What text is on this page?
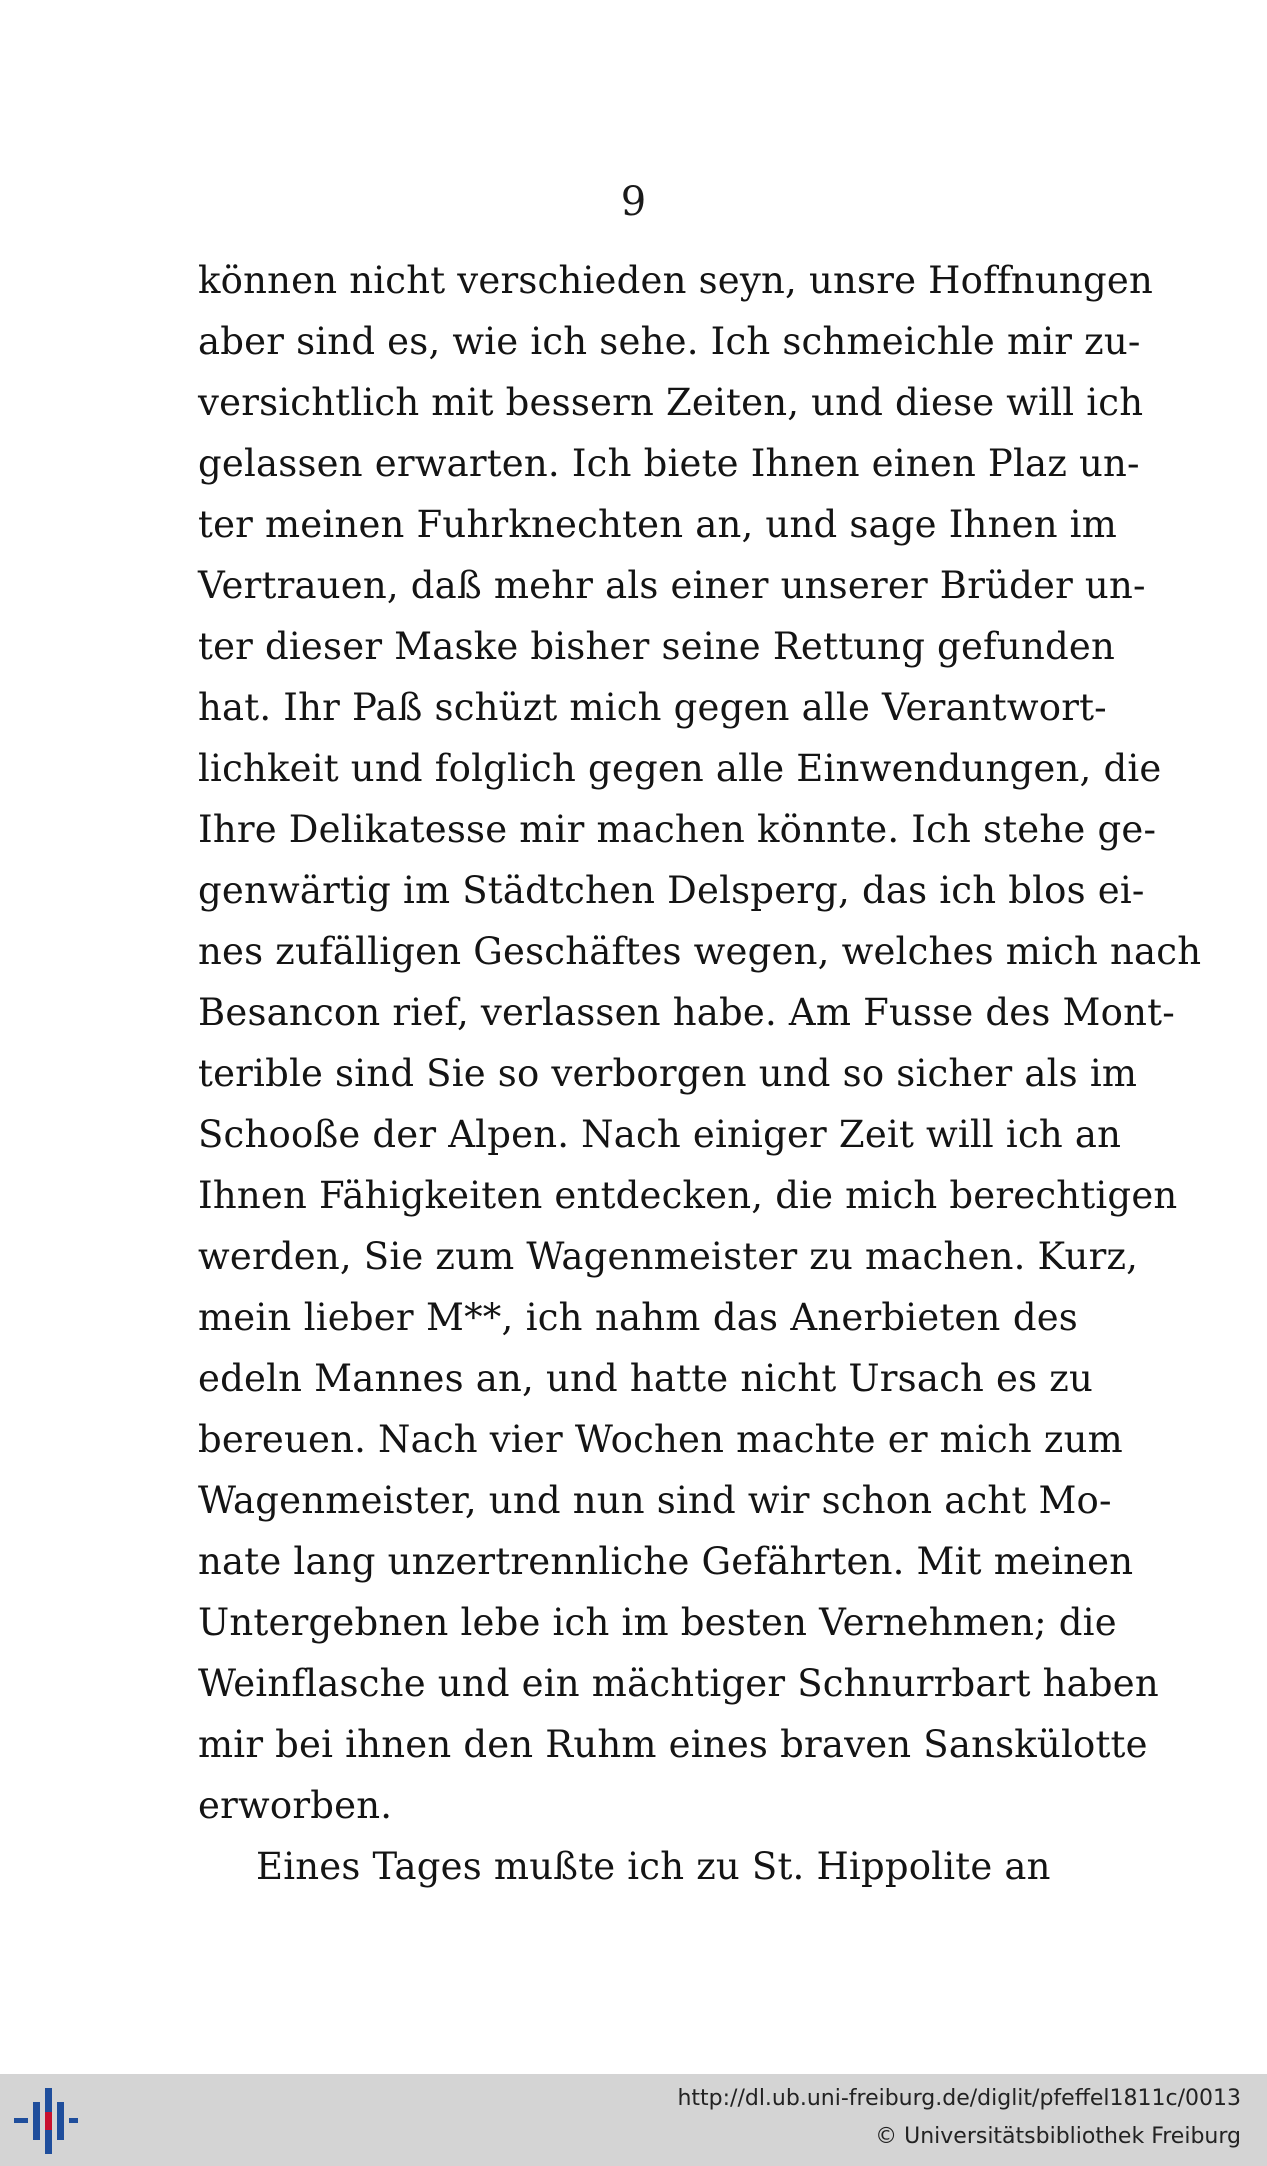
9
können nicht verschieden seyn, unsre Hoffnungen
aber sind es, wie ich sehe. Ich schmeichle mir zu-
versichtlich mit bessern Zeiten, und diese will ich
gelassen erwarten. Ich biete Ihnen einen Plaz un-
ter meinen Fuhrknechten an, und sage Ihnen im
Vertrauen, daß mehr als einer unserer Brüder un-
ter dieser Maske bisher seine Rettung gefunden
hat. Ihr Paß schüzt mich gegen alle Verantwort-
lichkeit und folglich gegen alle Einwendungen, die
Ihre Delikatesse mir machen könnte. Ich stehe ge-
genwärtig im Städtchen Delsperg, das ich blos ei-
nes zufälligen Geschäftes wegen, welches mich nach
Besancon rief, verlassen habe. Am Fusse des Mont-
terible sind Sie so verborgen und so sicher als im
Schooße der Alpen. Nach einiger Zeit will ich an
Ihnen Fähigkeiten entdecken, die mich berechtigen
werden, Sie zum Wagenmeister zu machen. Kurz,
mein lieber M**, ich nahm das Anerbieten des
edeln Mannes an, und hatte nicht Ursach es zu
bereuen. Nach vier Wochen machte er mich zum
Wagenmeister, und nun sind wir schon acht Mo-
nate lang unzertrennliche Gefährten. Mit meinen
Untergebnen lebe ich im besten Vernehmen; die
Weinflasche und ein mächtiger Schnurrbart haben
mir bei ihnen den Ruhm eines braven Sanskülotte
erworben.
Eines Tages mußte ich zu St. Hippolite an
http://dl.ub.uni-freiburg.de/diglit/pfeffel1811c/0013
© Universitätsbibliothek Freiburg
